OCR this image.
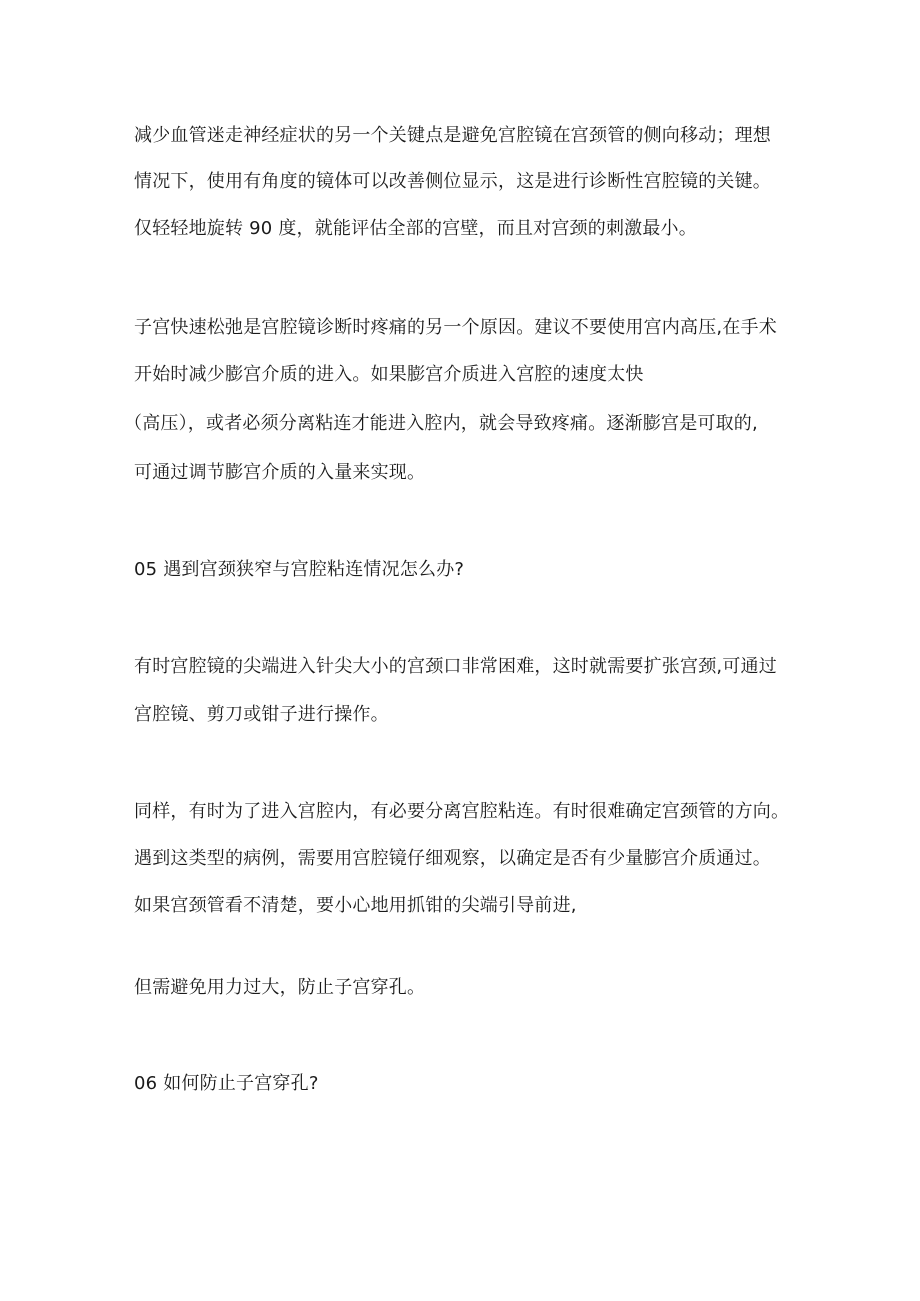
减少血管迷走神经症状的另一个关键点是避免宫腔镜在宫颈管的侧向移动；理想
情况下，使用有角度的镜体可以改善侧位显示，这是进行诊断性宫腔镜的关键。
仅轻轻地旋转 90 度，就能评估全部的宫壁，而且对宫颈的刺激最小。
子宫快速松弛是宫腔镜诊断时疼痛的另一个原因。建议不要使用宫内高压,在手术
开始时减少膨宫介质的进入。如果膨宫介质进入宫腔的速度太快
（高压），或者必须分离粘连才能进入腔内，就会导致疼痛。逐渐膨宫是可取的,
可通过调节膨宫介质的入量来实现。
05 遇到宫颈狭窄与宫腔粘连情况怎么办?
有时宫腔镜的尖端进入针尖大小的宫颈口非常困难，这时就需要扩张宫颈,可通过
宫腔镜、剪刀或钳子进行操作。
同样，有时为了进入宫腔内，有必要分离宫腔粘连。有时很难确定宫颈管的方向。
遇到这类型的病例，需要用宫腔镜仔细观察，以确定是否有少量膨宫介质通过。
如果宫颈管看不清楚，要小心地用抓钳的尖端引导前进,
但需避免用力过大，防止子宫穿孔。
06 如何防止子宫穿孔?
